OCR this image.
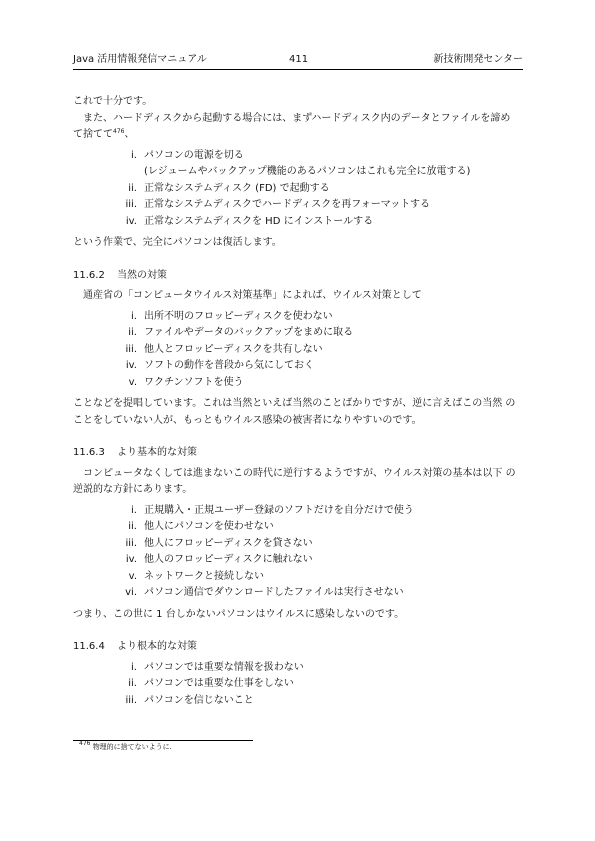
Java 活用情報発信マニュアル	411	新技術開発センター

これで十分です。

また、ハードディスクから起動する場合には、まずハードディスク内のデータとファイルを諦め て捨てて$^{476}$、

i. パソコンの電源を切る
(レジュームやバックアップ機能のあるパソコンはこれも完全に放電する)
ii. 正常なシステムディスク (FD) で起動する
iii. 正常なシステムディスクでハードディスクを再フォーマットする
iv. 正常なシステムディスクを HD にインストールする

という作業で、完全にパソコンは復活します。

11.6.2 当然の対策

通産省の「コンピュータウイルス対策基準」によれば、ウイルス対策として

i. 出所不明のフロッピーディスクを使わない
ii. ファイルやデータのバックアップをまめに取る
iii. 他人とフロッピーディスクを共有しない
iv. ソフトの動作を普段から気にしておく
v. ワクチンソフトを使う

ことなどを提唱しています。これは当然といえば当然のことばかりですが、逆に言えばこの当然 のことをしていない人が、もっともウイルス感染の被害者になりやすいのです。

11.6.3 より基本的な対策

コンピュータなくしては進まないこの時代に逆行するようですが、ウイルス対策の基本は以下 の逆説的な方針にあります。

i. 正規購入・正規ユーザー登録のソフトだけを自分だけで使う
ii. 他人にパソコンを使わせない
iii. 他人にフロッピーディスクを貸さない
iv. 他人のフロッピーディスクに触れない
v. ネットワークと接続しない
vi. パソコン通信でダウンロードしたファイルは実行させない

つまり、この世に 1 台しかないパソコンはウイルスに感染しないのです。

11.6.4 より根本的な対策
i. パソコンでは重要な情報を扱わない
ii. パソコンでは重要な仕事をしない
iii. パソコンを信じないこと
476 物理的に捨てないように.
